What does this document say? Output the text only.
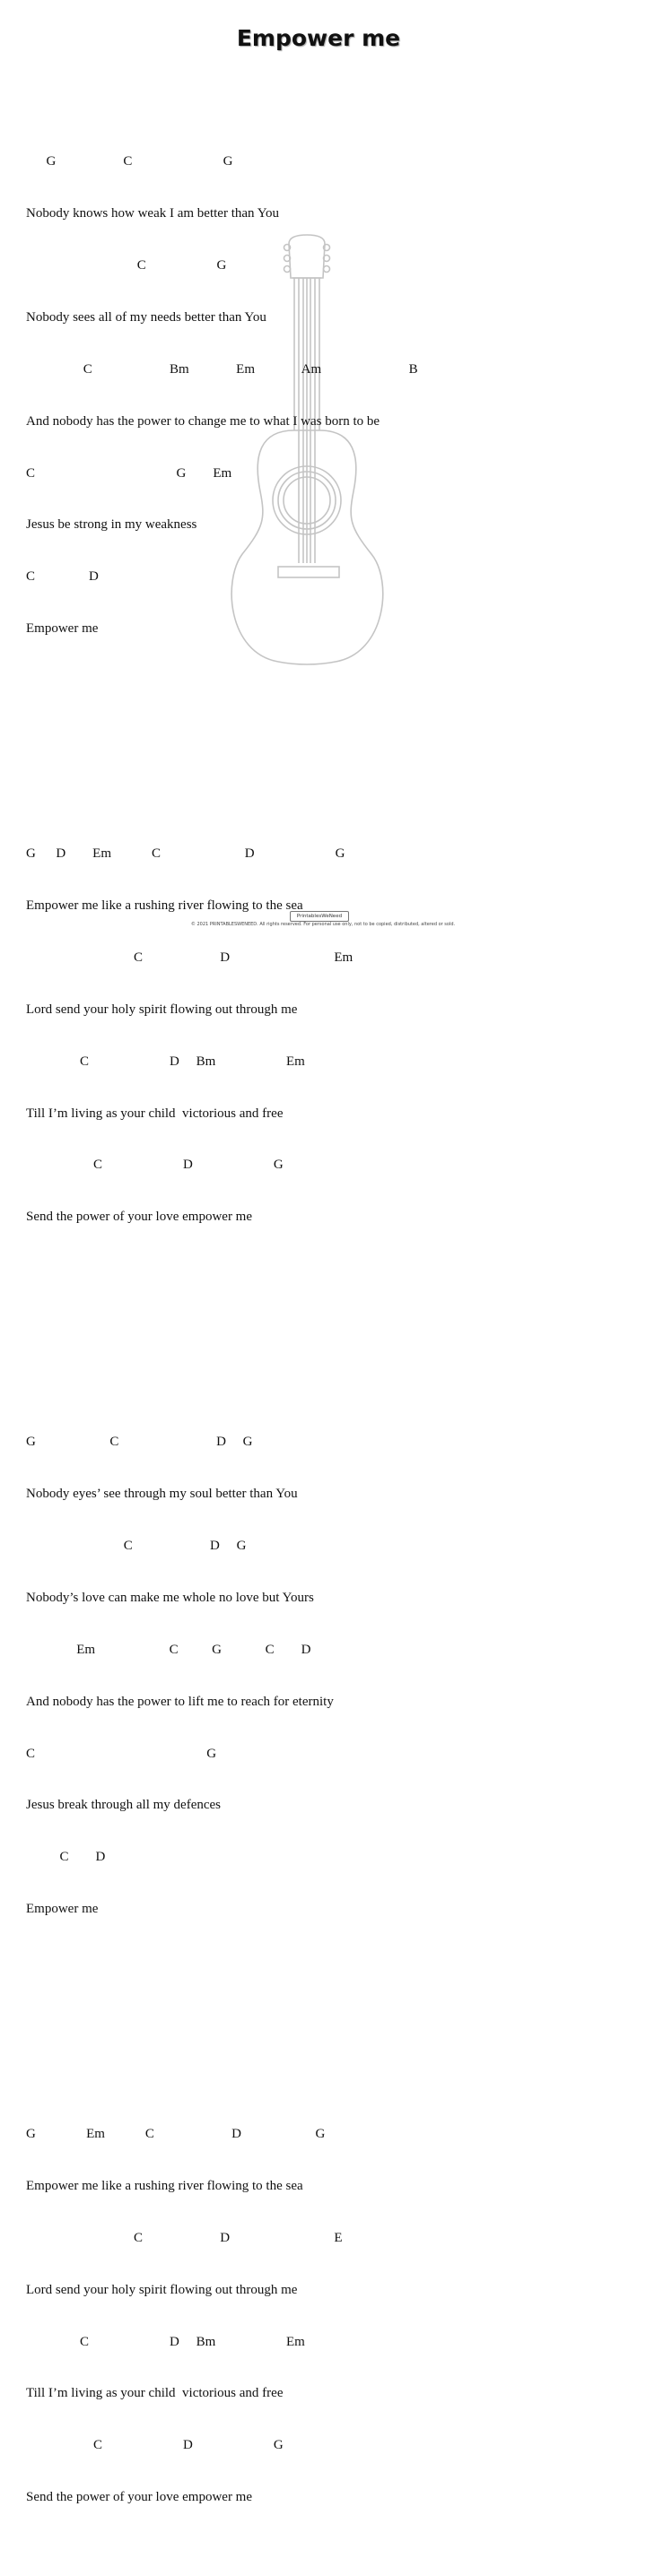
Empower me

G                    C                           G

Nobody knows how weak I am better than You

C                     G

Nobody sees all of my needs better than You

C                       Bm              Em              Am                          B

And nobody has the power to change me to what I was born to be

C                                          G        Em

Jesus be strong in my weakness

C                D

Empower me

G      D        Em            C                         D                        G

Empower me like a rushing river flowing to the sea

C                       D                               Em

Lord send your holy spirit flowing out through me

C                        D     Bm                     Em

Till I’m living as your child  victorious and free

C                        D                        G

Send the power of your love empower me

G                      C                             D     G

Nobody eyes’ see through my soul better than You

C                       D     G

Nobody’s love can make me whole no love but Yours

Em                      C          G             C        D

And nobody has the power to lift me to reach for eternity

C                                                   G

Jesus break through all my defences

C        D

Empower me

G               Em            C                       D                      G

Empower me like a rushing river flowing to the sea

C                       D                               E

Lord send your holy spirit flowing out through me

C                        D     Bm                     Em

Till I’m living as your child  victorious and free

C                        D                        G

Send the power of your love empower me

PrintablesWeNeed
© 2021 PRINTABLESWENEED. All rights reserved. For personal use only, not to be copied, distributed, altered or sold.
